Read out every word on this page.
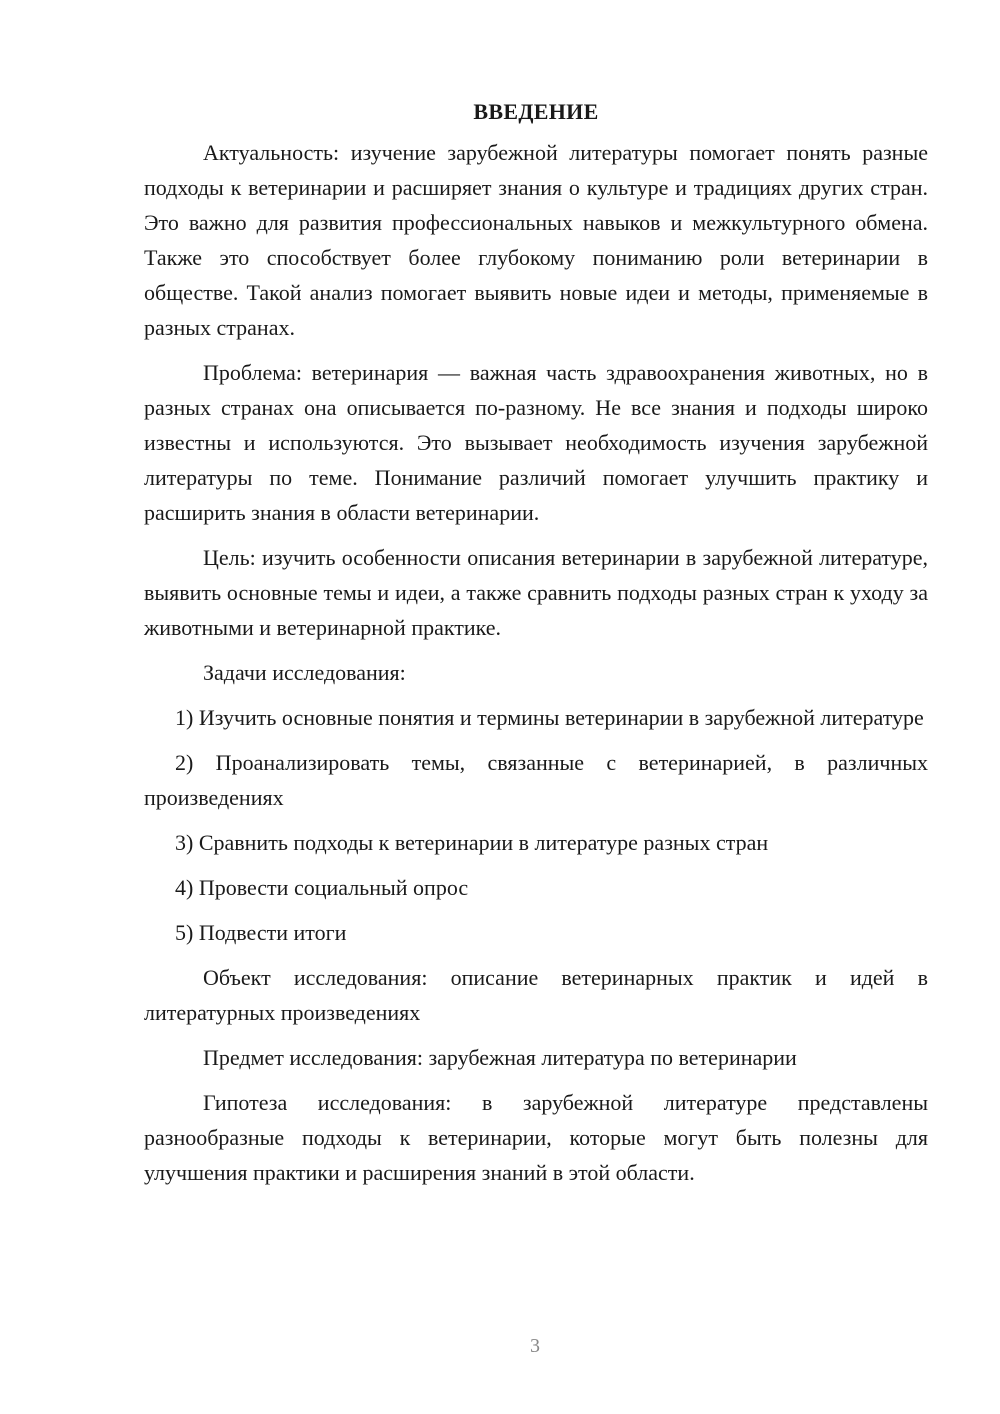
ВВЕДЕНИЕ

Актуальность: изучение зарубежной литературы помогает понять разные подходы к ветеринарии и расширяет знания о культуре и традициях других стран. Это важно для развития профессиональных навыков и межкультурного обмена. Также это способствует более глубокому пониманию роли ветеринарии в обществе. Такой анализ помогает выявить новые идеи и методы, применяемые в разных странах.

Проблема: ветеринария — важная часть здравоохранения животных, но в разных странах она описывается по-разному. Не все знания и подходы широко известны и используются. Это вызывает необходимость изучения зарубежной литературы по теме. Понимание различий помогает улучшить практику и расширить знания в области ветеринарии.

Цель: изучить особенности описания ветеринарии в зарубежной литературе, выявить основные темы и идеи, а также сравнить подходы разных стран к уходу за животными и ветеринарной практике.

Задачи исследования:

1) Изучить основные понятия и термины ветеринарии в зарубежной литературе

2) Проанализировать темы, связанные с ветеринарией, в различных произведениях

3) Сравнить подходы к ветеринарии в литературе разных стран

4) Провести социальный опрос

5) Подвести итоги

Объект исследования: описание ветеринарных практик и идей в литературных произведениях

Предмет исследования: зарубежная литература по ветеринарии

Гипотеза исследования: в зарубежной литературе представлены разнообразные подходы к ветеринарии, которые могут быть полезны для улучшения практики и расширения знаний в этой области.

3
